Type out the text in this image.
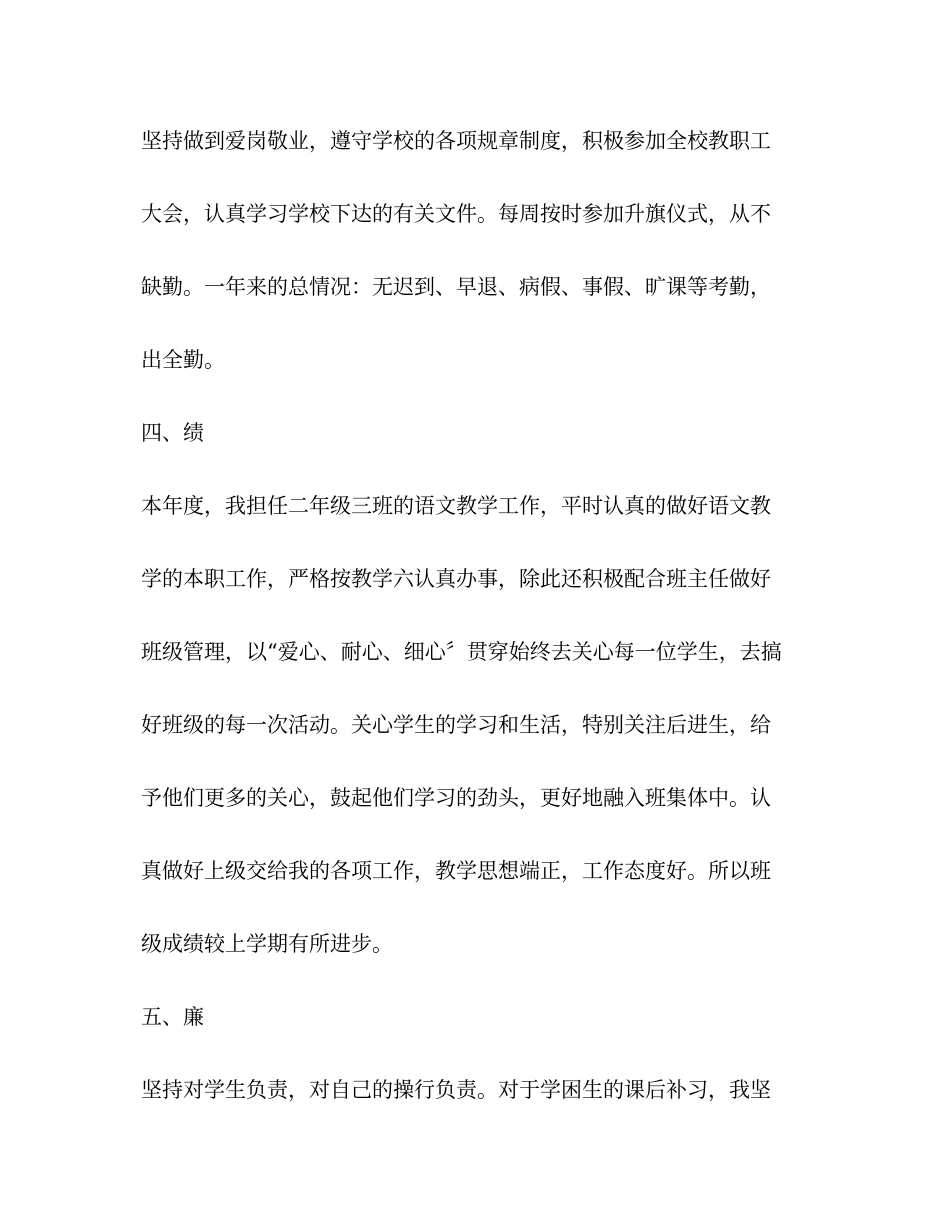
坚持做到爱岗敬业，遵守学校的各项规章制度，积极参加全校教职工
大会，认真学习学校下达的有关文件。每周按时参加升旗仪式，从不
缺勤。一年来的总情况：无迟到、早退、病假、事假、旷课等考勤，
出全勤。
四、绩
本年度，我担任二年级三班的语文教学工作，平时认真的做好语文教
学的本职工作，严格按教学六认真办事，除此还积极配合班主任做好
班级管理，以“爱心、耐心、细心〞贯穿始终去关心每一位学生，去搞
好班级的每一次活动。关心学生的学习和生活，特别关注后进生，给
予他们更多的关心，鼓起他们学习的劲头，更好地融入班集体中。认
真做好上级交给我的各项工作，教学思想端正，工作态度好。所以班
级成绩较上学期有所进步。
五、廉
坚持对学生负责，对自己的操行负责。对于学困生的课后补习，我坚
